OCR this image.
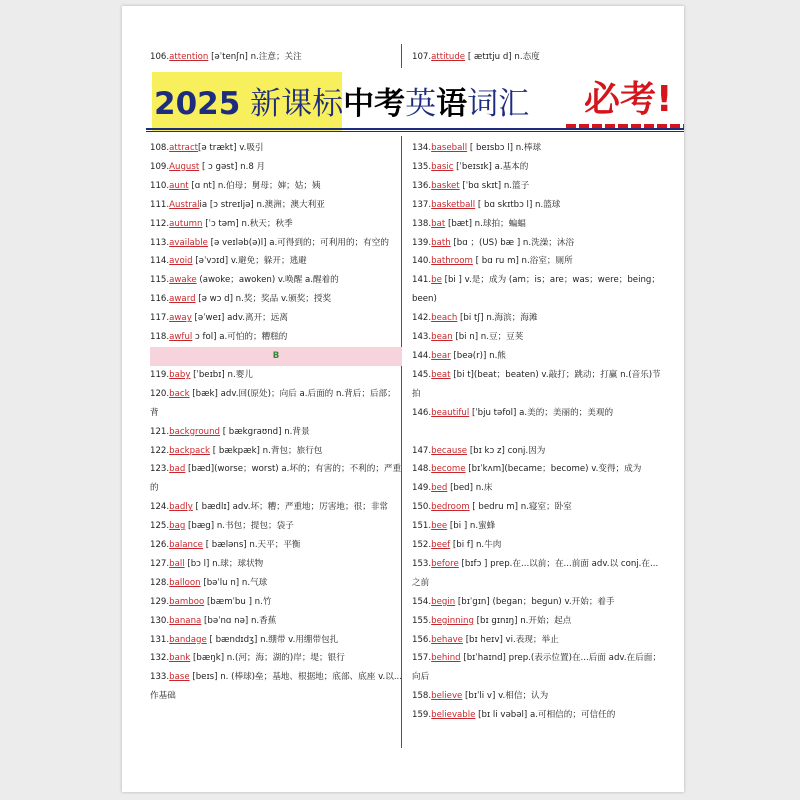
106.attention [əˈtenʃn] n.注意；关注	107.attitude [ ætɪtju d] n.态度
2025 新课标中考英语词汇 必考!
108.attract[ə trækt] v.吸引
109.August [ ɔ gəst] n.8 月
110.aunt [ɑ nt] n.伯母；舅母；婶；姑；姨
111.Australia [ɔ streɪljə] n.澳洲；澳大利亚
112.autumn [ˈɔ təm] n.秋天；秋季
113.available [ə veɪləb(ə)l] a.可得到的；可利用的；有空的
114.avoid [əˈvɔɪd] v.避免；躲开；逃避
115.awake (awoke；awoken) v.唤醒 a.醒着的
116.award [ə wɔ d] n.奖；奖品 v.颁奖；授奖
117.away [əˈweɪ] adv.离开；远离
118.awful ɔ fol] a.可怕的；糟糕的
B
119.baby [ˈbeɪbɪ] n.婴儿
120.back [bæk] adv.回(原处)；向后 a.后面的 n.背后；后部；背
121.background [ bækgraʊnd] n.背景
122.backpack [ bækpæk] n.背包；旅行包
123.bad [bæd](worse；worst) a.坏的；有害的；不利的；严重的
124.badly [ bædlɪ] adv.坏；糟；严重地；厉害地；很；非常
125.bag [bæg] n.书包；提包；袋子
126.balance [ bæləns] n.天平；平衡
127.ball [bɔ l] n.球；球状物
128.balloon [bəˈlu n] n.气球
129.bamboo [bæmˈbu ] n.竹
130.banana [bəˈnɑ nə] n.香蕉
131.bandage [ bændɪdʒ] n.绷带 v.用绷带包扎
132.bank [bæŋk] n.(河；海；湖的)岸；堤；银行
133.base [beɪs] n. (棒球)垒；基地、根据地；底部、底座 v.以...作基础
134.baseball [ beɪsbɔ l] n.棒球
135.basic [ˈbeɪsɪk] a.基本的
136.basket [ˈbɑ skɪt] n.篮子
137.basketball [ bɑ skɪtbɔ l] n.篮球
138.bat [bæt] n.球拍；蝙蝠
139.bath [bɑ ；(US) bæ ] n.洗澡；沐浴
140.bathroom [ bɑ ru m] n.浴室；厕所
141.be [bi ] v.是；成为 (am；is；are；was；were；being；been)
142.beach [bi tʃ] n.海滨；海滩
143.bean [bi n] n.豆；豆荚
144.bear [beə(r)] n.熊
145.beat [bi t](beat；beaten) v.敲打；跳动；打赢 n.(音乐)节拍
146.beautiful [ˈbju təfol] a.美的；美丽的；美观的

147.because [bɪ kɔ z] conj.因为
148.become [bɪˈkʌm](became；become) v.变得；成为
149.bed [bed] n.床
150.bedroom [ bedru m] n.寝室；卧室
151.bee [bi ] n.蜜蜂
152.beef [bi f] n.牛肉
153.before [bɪfɔ ] prep.在...以前；在...前面 adv.以 conj.在...之前
154.begin [bɪˈgɪn] (began；begun) v.开始；着手
155.beginning [bɪ gɪnɪŋ] n.开始；起点
156.behave [bɪ heɪv] vi.表现；举止
157.behind [bɪˈhaɪnd] prep.(表示位置)在...后面 adv.在后面；向后
158.believe [bɪˈli v] v.相信；认为
159.believable [bɪ li vəbəl] a.可相信的；可信任的
